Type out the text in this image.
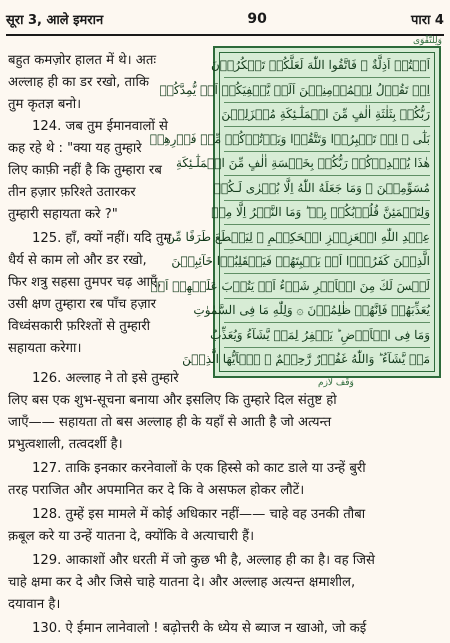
सूरा 3, आले इमरान	90	पारा 4
وَلِلتَّقْوَى
اَنۡتُمۡ اَذِلَّةٌ ۚ فَاتَّقُوا اللّٰهَ لَعَلَّكُمۡ تَشۡكُرُوۡنَ
اِذۡ تَقُوۡلُ لِلۡمُؤۡمِنِيۡنَ اَلَنۡ يَّكۡفِيَكُمۡ اَنۡ يُّمِدَّكُمۡ
رَبُّكُمۡ بِثَلٰثَةِ اٰلٰفٍ مِّنَ الۡمَلٰٓـئِكَةِ مُنۡزَلِيۡنَ
بَلٰٓى ۙ اِنۡ تَصۡبِرُوۡا وَتَتَّقُوۡا وَيَاۡتُوۡكُمۡ مِّنۡ فَوۡرِهِمۡ
هٰذَا يُمۡدِدۡكُمۡ رَبُّكُمۡ بِخَمۡسَةِ اٰلٰفٍ مِّنَ الۡمَلٰٓـئِكَةِ
مُسَوِّمِيۡنَ ۞ وَمَا جَعَلَهُ اللّٰهُ اِلَّا بُشۡرٰى لَـكُمۡ
وَلِتَطۡمَئِنَّ قُلُوۡبُكُمۡ بِهٖ ؕ وَمَا النَّصۡرُ اِلَّا مِنۡ
عِنۡدِ اللّٰهِ الۡعَزِيۡزِ الۡحَكِيۡمِ ۙ لِيَقۡطَعَ طَرَفًا مِّنَ
الَّذِيۡنَ كَفَرُوۡۤا اَوۡ يَكۡبِتَهُمۡ فَيَنۡقَلِبُوۡا خَآئِبِيۡنَ
لَيۡسَ لَكَ مِنَ الۡاَمۡرِ شَىۡءٌ اَوۡ يَتُوۡبَ عَلَيۡهِمۡ اَوۡ
يُعَذِّبَهُمۡ فَاِنَّهُمۡ ظٰلِمُوۡنَ ۞ وَلِلّٰهِ مَا فِى السَّمٰوٰتِ
وَمَا فِى الۡاَرۡضِ ؕ يَغۡفِرُ لِمَنۡ يَّشَآءُ وَيُعَذِّبُ
مَنۡ يَّشَآءُ ؕ وَاللّٰهُ غَفُوۡرٌ رَّحِيۡمٌ ۞ يٰۤاَيُّهَا الَّذِيۡنَ
وَقْف لازم
बहुत कमज़ोर हालत में थे। अतः
अल्लाह ही का डर रखो, ताकि
तुम कृतज्ञ बनो।
124. जब तुम ईमानवालों से
कह रहे थे : "क्या यह तुम्हारे
लिए काफ़ी नहीं है कि तुम्हारा रब
तीन हज़ार फ़रिश्ते उतारकर
तुम्हारी सहायता करे ?"
125. हाँ, क्यों नहीं। यदि तुम
धैर्य से काम लो और डर रखो,
फिर शत्रु सहसा तुमपर चढ़ आएँ,
उसी क्षण तुम्हारा रब पाँच हज़ार
विध्वंसकारी फ़रिश्तों से तुम्हारी
सहायता करेगा।
126. अल्लाह ने तो इसे तुम्हारे
लिए बस एक शुभ-सूचना बनाया और इसलिए कि तुम्हारे दिल संतुष्ट हो
जाएँ—— सहायता तो बस अल्लाह ही के यहाँ से आती है जो अत्यन्त
प्रभुत्वशाली, तत्वदर्शी है।
127. ताकि इनकार करनेवालों के एक हिस्से को काट डाले या उन्हें बुरी
तरह पराजित और अपमानित कर दे कि वे असफल होकर लौटें।
128. तुम्हें इस मामले में कोई अधिकार नहीं—— चाहे वह उनकी तौबा
क़बूल करे या उन्हें यातना दे, क्योंकि वे अत्याचारी हैं।
129. आकाशों और धरती में जो कुछ भी है, अल्लाह ही का है। वह जिसे
चाहे क्षमा कर दे और जिसे चाहे यातना दे। और अल्लाह अत्यन्त क्षमाशील,
दयावान है।
130. ऐ ईमान लानेवालो ! बढ़ोत्तरी के ध्येय से ब्याज न खाओ, जो कई
